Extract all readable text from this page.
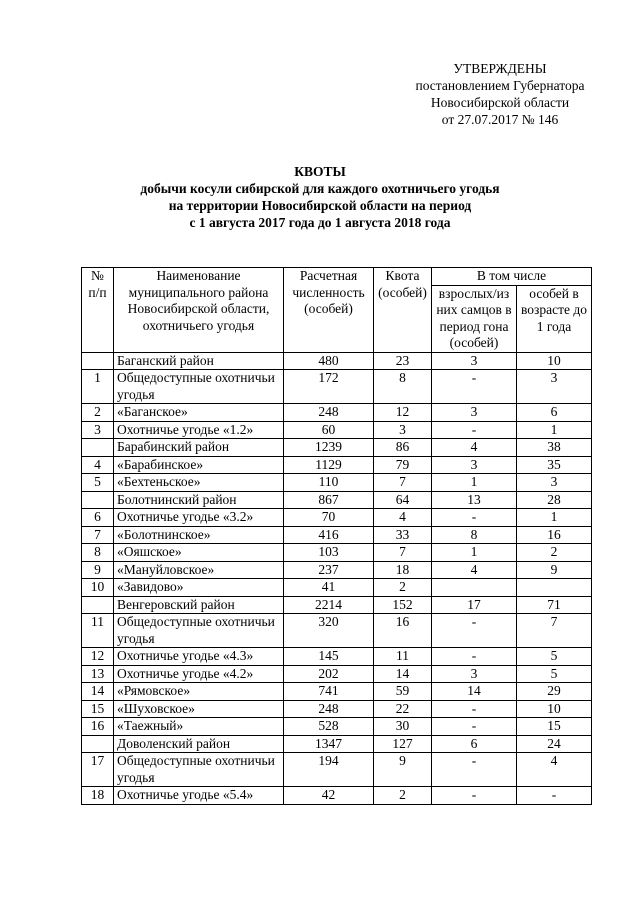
УТВЕРЖДЕНЫ
постановлением Губернатора
Новосибирской области
от 27.07.2017 № 146
КВОТЫ
добычи косули сибирской для каждого охотничьего угодья
на территории Новосибирской области на период
с 1 августа 2017 года до 1 августа 2018 года
№ п/п	Наименование муниципального района Новосибирской области, охотничьего угодья	Расчетная численность (особей)	Квота (особей)	В том числе	
				взрослых/из них самцов в период гона (особей)	особей в возрасте до 1 года
	Баганский район	480	23	3	10
1	Общедоступные охотничьи угодья	172	8	-	3
2	«Баганское»	248	12	3	6
3	Охотничье угодье «1.2»	60	3	-	1
	Барабинский район	1239	86	4	38
4	«Барабинское»	1129	79	3	35
5	«Бехтеньское»	110	7	1	3
	Болотнинский район	867	64	13	28
6	Охотничье угодье «3.2»	70	4	-	1
7	«Болотнинское»	416	33	8	16
8	«Ояшское»	103	7	1	2
9	«Мануйловское»	237	18	4	9
10	«Завидово»	41	2		
	Венгеровский район	2214	152	17	71
11	Общедоступные охотничьи угодья	320	16	-	7
12	Охотничье угодье «4.3»	145	11	-	5
13	Охотничье угодье «4.2»	202	14	3	5
14	«Рямовское»	741	59	14	29
15	«Шуховское»	248	22	-	10
16	«Таежный»	528	30	-	15
	Доволенский район	1347	127	6	24
17	Общедоступные охотничьи угодья	194	9	-	4
18	Охотничье угодье «5.4»	42	2	-	-
